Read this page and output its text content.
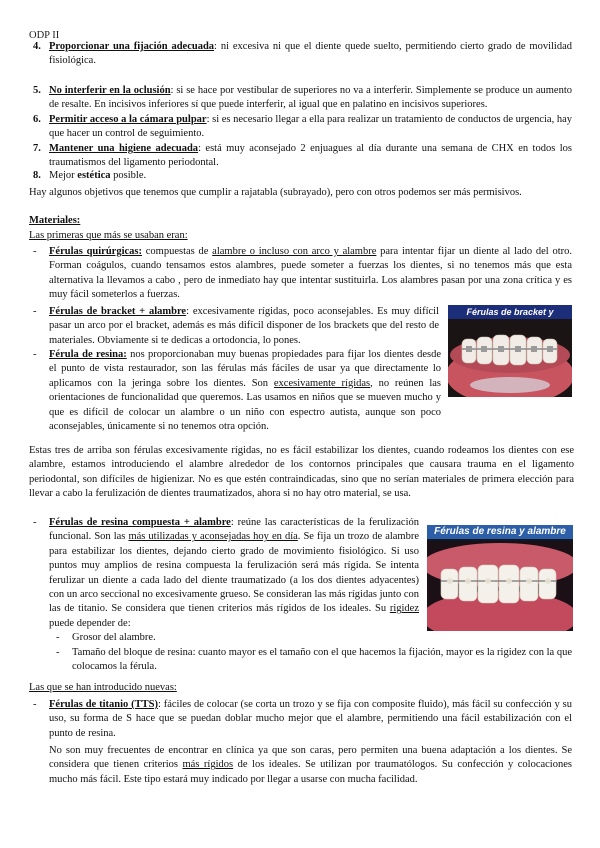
ODP II
4. Proporcionar una fijación adecuada: ni excesiva ni que el diente quede suelto, permitiendo cierto grado de movilidad fisiológica.
5. No interferir en la oclusión: si se hace por vestibular de superiores no va a interferir. Simplemente se produce un aumento de resalte. En incisivos inferiores sí que puede interferir, al igual que en palatino en incisivos superiores.
6. Permitir acceso a la cámara pulpar: si es necesario llegar a ella para realizar un tratamiento de conductos de urgencia, hay que hacer un control de seguimiento.
7. Mantener una higiene adecuada: está muy aconsejado 2 enjuagues al día durante una semana de CHX en todos los traumatismos del ligamento periodontal.
8. Mejor estética posible.
Hay algunos objetivos que tenemos que cumplir a rajatabla (subrayado), pero con otros podemos ser más permisivos.
Materiales:
Las primeras que más se usaban eran:
- Férulas quirúrgicas: compuestas de alambre o incluso con arco y alambre para intentar fijar un diente al lado del otro. Forman coágulos, cuando tensamos estos alambres, puede someter a fuerzas los dientes, si no tenemos más que esta alternativa la llevamos a cabo , pero de inmediato hay que intentar sustituirla. Los alambres pasan por una zona crítica y es muy fácil someterlos a fuerzas.
- Férulas de bracket + alambre: excesivamente rígidas, poco aconsejables. Es muy difícil pasar un arco por el bracket, además es más difícil disponer de los brackets que del resto de materiales. Obviamente si te dedicas a ortodoncia, lo pones.
Férulas de bracket y
- Férula de resina: nos proporcionaban muy buenas propiedades para fijar los dientes desde el punto de vista restaurador, son las férulas más fáciles de usar ya que directamente lo aplicamos con la jeringa sobre los dientes. Son excesivamente rígidas, no reúnen las orientaciones de funcionalidad que queremos. Las usamos en niños que se mueven mucho y que es difícil de colocar un alambre o un niño con espectro autista, aunque son poco aconsejables, únicamente si no tenemos otra opción.
Estas tres de arriba son férulas excesivamente rígidas, no es fácil estabilizar los dientes, cuando rodeamos los dientes con ese alambre, estamos introduciendo el alambre alrededor de los contornos principales que causara trauma en el ligamento periodontal, son difíciles de higienizar. No es que estén contraindicadas, sino que no serían materiales de primera elección para llevar a cabo la ferulización de dientes traumatizados, ahora si no hay otro material, se usa.
- Férulas de resina compuesta + alambre: reúne las características de la ferulización funcional. Son las más utilizadas y aconsejadas hoy en día. Se fija un trozo de alambre para estabilizar los dientes, dejando cierto grado de movimiento fisiológico. Si uso puntos muy amplios de resina compuesta la ferulización será más rígida. Se intenta ferulizar un diente a cada lado del diente traumatizado (a los dos dientes adyacentes) con un arco seccional no excesivamente grueso. Se consideran las más rígidas junto con las de titanio. Se considera que tienen criterios más rígidos de los ideales. Su rigidez puede depender de:
Férulas de resina y alambre
- Grosor del alambre.
- Tamaño del bloque de resina: cuanto mayor es el tamaño con el que hacemos la fijación, mayor es la rigidez con la que colocamos la férula.
Las que se han introducido nuevas:
- Férulas de titanio (TTS): fáciles de colocar (se corta un trozo y se fija con composite fluido), más fácil su confección y su uso, su forma de S hace que se puedan doblar mucho mejor que el alambre, permitiendo una fácil estabilización con el punto de resina.
No son muy frecuentes de encontrar en clínica ya que son caras, pero permiten una buena adaptación a los dientes. Se considera que tienen criterios más rígidos de los ideales. Se utilizan por traumatólogos. Su confección y colocaciones mucho más fácil. Este tipo estará muy indicado por llegar a usarse con mucha facilidad.
